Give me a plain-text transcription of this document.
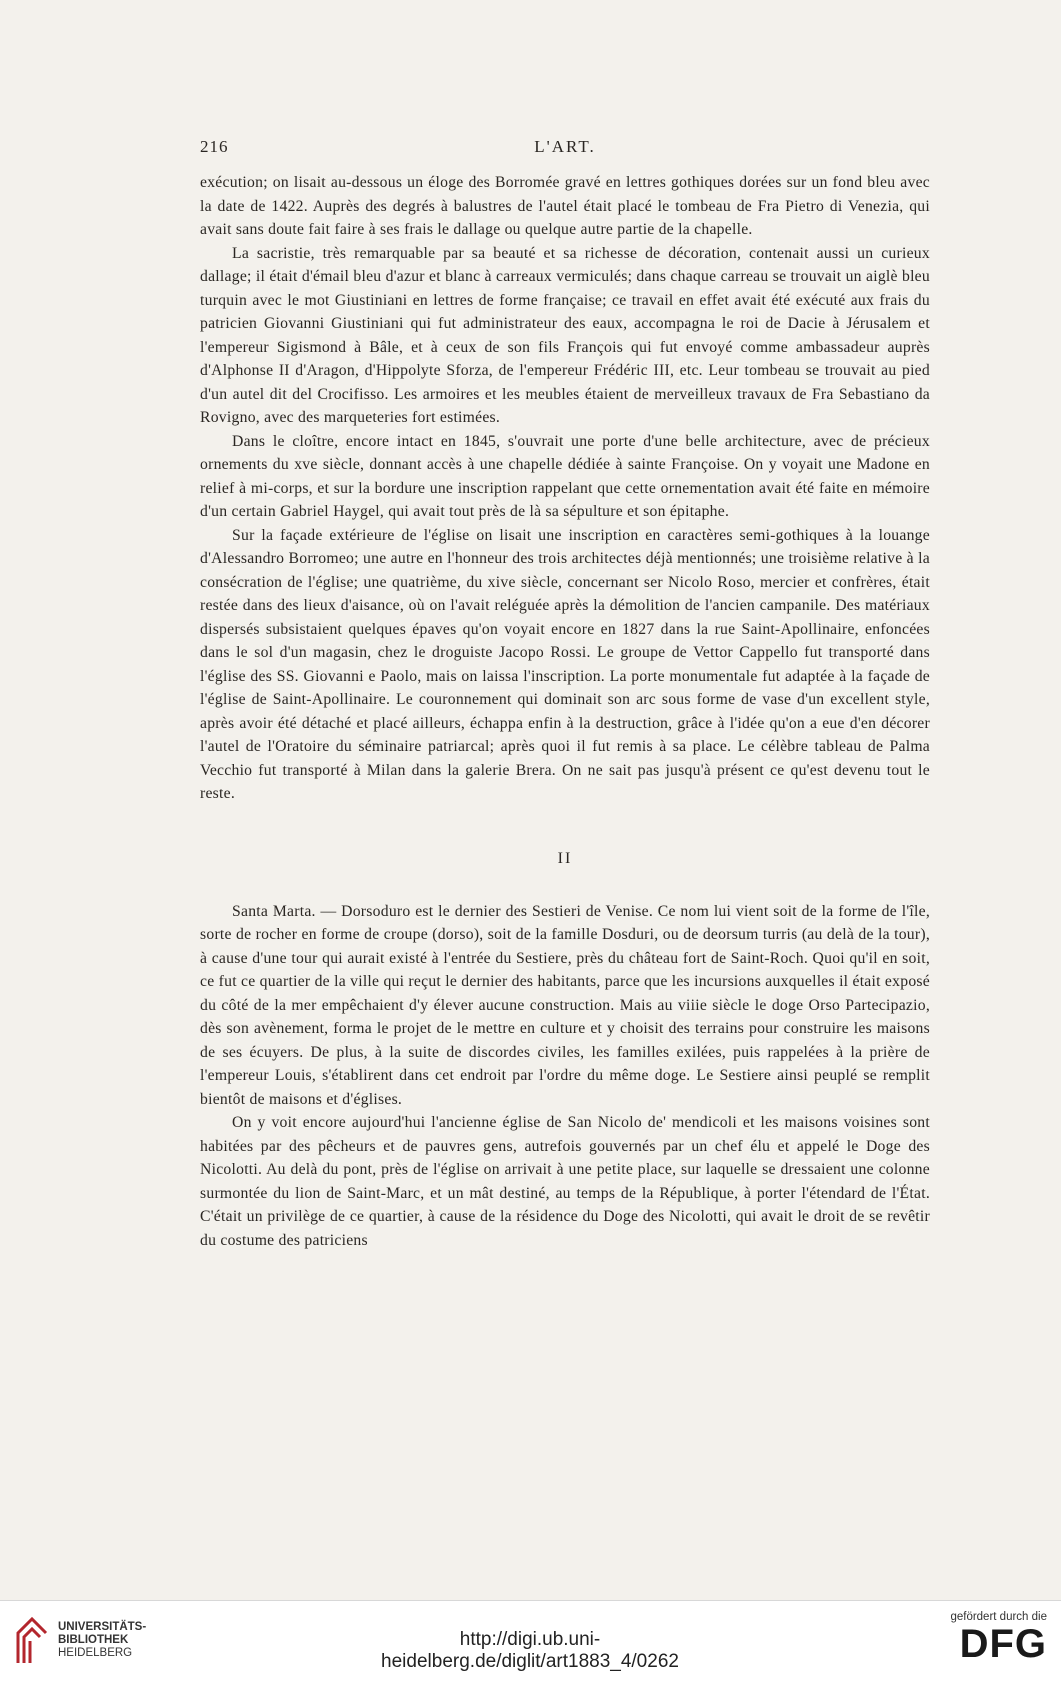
216	L'ART.

exécution; on lisait au-dessous un éloge des Borromée gravé en lettres gothiques dorées sur un fond bleu avec la date de 1422. Auprès des degrés à balustres de l'autel était placé le tombeau de Fra Pietro di Venezia, qui avait sans doute fait faire à ses frais le dallage ou quelque autre partie de la chapelle.

La sacristie, très remarquable par sa beauté et sa richesse de décoration, contenait aussi un curieux dallage; il était d'émail bleu d'azur et blanc à carreaux vermiculés; dans chaque carreau se trouvait un aiglè bleu turquin avec le mot Giustiniani en lettres de forme française; ce travail en effet avait été exécuté aux frais du patricien Giovanni Giustiniani qui fut administrateur des eaux, accompagna le roi de Dacie à Jérusalem et l'empereur Sigismond à Bâle, et à ceux de son fils François qui fut envoyé comme ambassadeur auprès d'Alphonse II d'Aragon, d'Hippolyte Sforza, de l'empereur Frédéric III, etc. Leur tombeau se trouvait au pied d'un autel dit del Crocifisso. Les armoires et les meubles étaient de merveilleux travaux de Fra Sebastiano da Rovigno, avec des marqueteries fort estimées.

Dans le cloître, encore intact en 1845, s'ouvrait une porte d'une belle architecture, avec de précieux ornements du xve siècle, donnant accès à une chapelle dédiée à sainte Françoise. On y voyait une Madone en relief à mi-corps, et sur la bordure une inscription rappelant que cette ornementation avait été faite en mémoire d'un certain Gabriel Haygel, qui avait tout près de là sa sépulture et son épitaphe.

Sur la façade extérieure de l'église on lisait une inscription en caractères semi-gothiques à la louange d'Alessandro Borromeo; une autre en l'honneur des trois architectes déjà mentionnés; une troisième relative à la consécration de l'église; une quatrième, du xive siècle, concernant ser Nicolo Roso, mercier et confrères, était restée dans des lieux d'aisance, où on l'avait reléguée après la démolition de l'ancien campanile. Des matériaux dispersés subsistaient quelques épaves qu'on voyait encore en 1827 dans la rue Saint-Apollinaire, enfoncées dans le sol d'un magasin, chez le droguiste Jacopo Rossi. Le groupe de Vettor Cappello fut transporté dans l'église des SS. Giovanni e Paolo, mais on laissa l'inscription. La porte monumentale fut adaptée à la façade de l'église de Saint-Apollinaire. Le couronnement qui dominait son arc sous forme de vase d'un excellent style, après avoir été détaché et placé ailleurs, échappa enfin à la destruction, grâce à l'idée qu'on a eue d'en décorer l'autel de l'Oratoire du séminaire patriarcal; après quoi il fut remis à sa place. Le célèbre tableau de Palma Vecchio fut transporté à Milan dans la galerie Brera. On ne sait pas jusqu'à présent ce qu'est devenu tout le reste.

II

Santa Marta. — Dorsoduro est le dernier des Sestieri de Venise. Ce nom lui vient soit de la forme de l'île, sorte de rocher en forme de croupe (dorso), soit de la famille Dosduri, ou de deorsum turris (au delà de la tour), à cause d'une tour qui aurait existé à l'entrée du Sestiere, près du château fort de Saint-Roch. Quoi qu'il en soit, ce fut ce quartier de la ville qui reçut le dernier des habitants, parce que les incursions auxquelles il était exposé du côté de la mer empêchaient d'y élever aucune construction. Mais au viiie siècle le doge Orso Partecipazio, dès son avènement, forma le projet de le mettre en culture et y choisit des terrains pour construire les maisons de ses écuyers. De plus, à la suite de discordes civiles, les familles exilées, puis rappelées à la prière de l'empereur Louis, s'établirent dans cet endroit par l'ordre du même doge. Le Sestiere ainsi peuplé se remplit bientôt de maisons et d'églises.

On y voit encore aujourd'hui l'ancienne église de San Nicolo de' mendicoli et les maisons voisines sont habitées par des pêcheurs et de pauvres gens, autrefois gouvernés par un chef élu et appelé le Doge des Nicolotti. Au delà du pont, près de l'église on arrivait à une petite place, sur laquelle se dressaient une colonne surmontée du lion de Saint-Marc, et un mât destiné, au temps de la République, à porter l'étendard de l'État. C'était un privilège de ce quartier, à cause de la résidence du Doge des Nicolotti, qui avait le droit de se revêtir du costume des patriciens

UNIVERSITÄTS-
BIBLIOTHEK
HEIDELBERG
http://digi.ub.uni-heidelberg.de/diglit/art1883_4/0262
gefördert durch die
DFG
